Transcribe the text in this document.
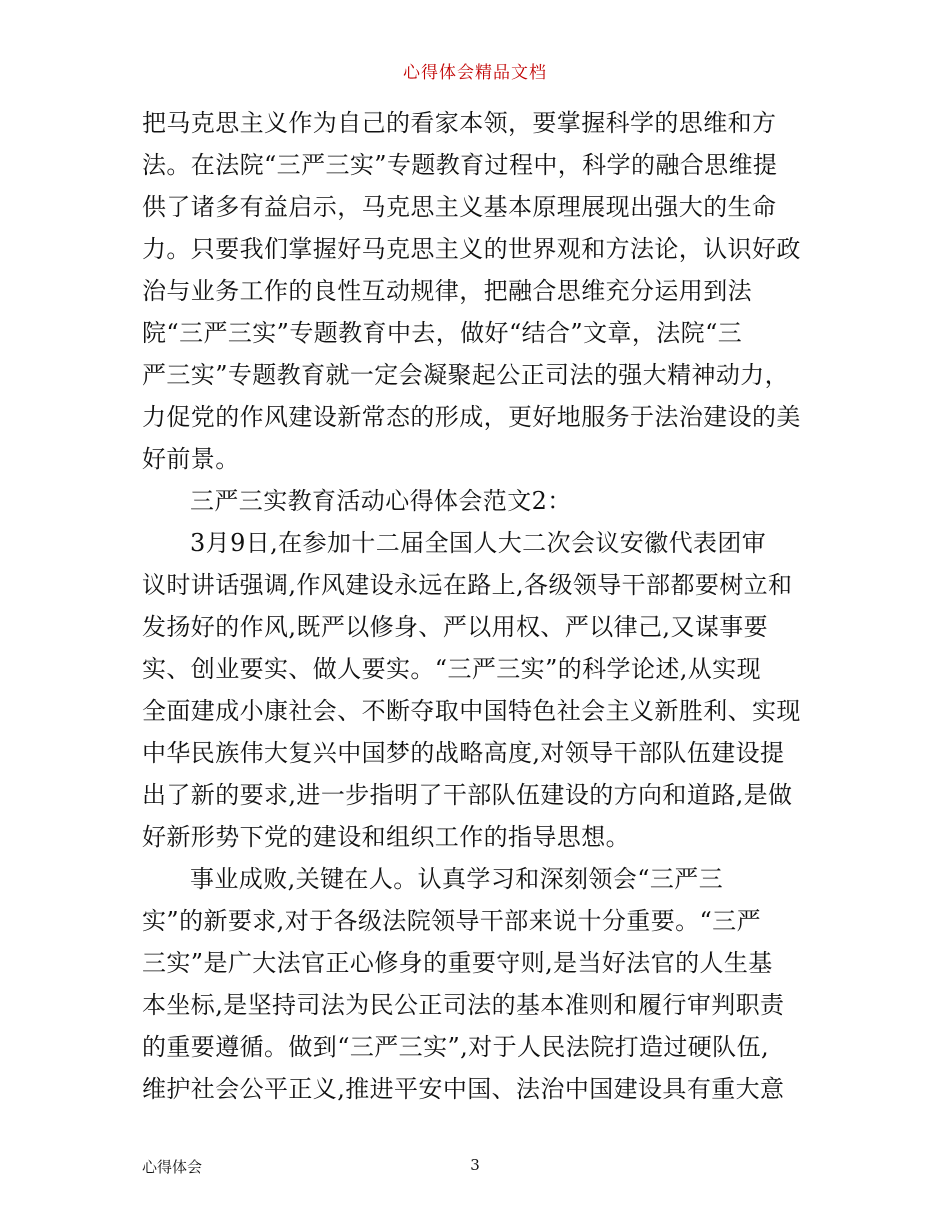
心得体会精品文档
把马克思主义作为自己的看家本领，要掌握科学的思维和方
法。在法院“三严三实”专题教育过程中，科学的融合思维提
供了诸多有益启示，马克思主义基本原理展现出强大的生命
力。只要我们掌握好马克思主义的世界观和方法论，认识好政
治与业务工作的良性互动规律，把融合思维充分运用到法
院“三严三实”专题教育中去，做好“结合”文章，法院“三
严三实”专题教育就一定会凝聚起公正司法的强大精神动力，
力促党的作风建设新常态的形成，更好地服务于法治建设的美
好前景。
三严三实教育活动心得体会范文2：
3月9日,在参加十二届全国人大二次会议安徽代表团审
议时讲话强调,作风建设永远在路上,各级领导干部都要树立和
发扬好的作风,既严以修身、严以用权、严以律己,又谋事要
实、创业要实、做人要实。“三严三实”的科学论述,从实现
全面建成小康社会、不断夺取中国特色社会主义新胜利、实现
中华民族伟大复兴中国梦的战略高度,对领导干部队伍建设提
出了新的要求,进一步指明了干部队伍建设的方向和道路,是做
好新形势下党的建设和组织工作的指导思想。
事业成败,关键在人。认真学习和深刻领会“三严三
实”的新要求,对于各级法院领导干部来说十分重要。“三严
三实”是广大法官正心修身的重要守则,是当好法官的人生基
本坐标,是坚持司法为民公正司法的基本准则和履行审判职责
的重要遵循。做到“三严三实”,对于人民法院打造过硬队伍,
维护社会公平正义,推进平安中国、法治中国建设具有重大意
心得体会	3
